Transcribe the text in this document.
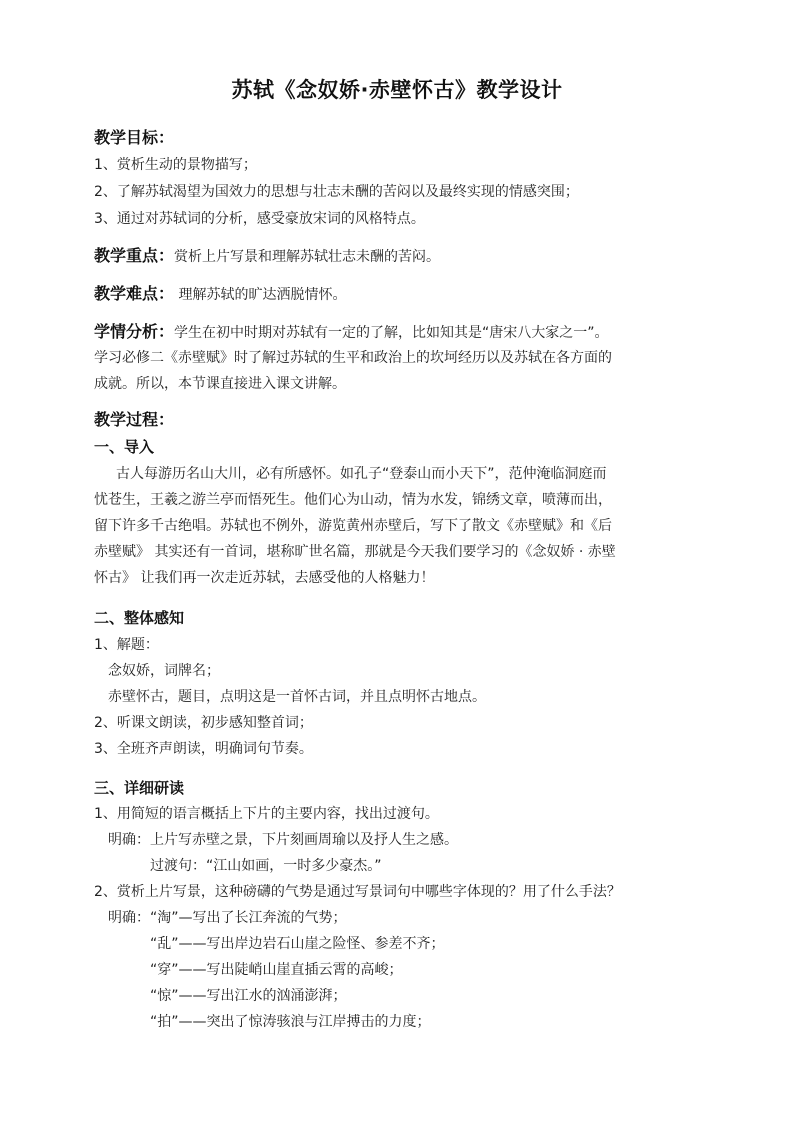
苏轼《念奴娇·赤壁怀古》教学设计
教学目标：
1、赏析生动的景物描写；
2、了解苏轼渴望为国效力的思想与壮志未酬的苦闷以及最终实现的情感突围；
3、通过对苏轼词的分析，感受豪放宋词的风格特点。
教学重点：赏析上片写景和理解苏轼壮志未酬的苦闷。
教学难点： 理解苏轼的旷达洒脱情怀。
学情分析：学生在初中时期对苏轼有一定的了解，比如知其是“唐宋八大家之一”。
学习必修二《赤壁赋》时了解过苏轼的生平和政治上的坎坷经历以及苏轼在各方面的
成就。所以，本节课直接进入课文讲解。
教学过程：
一、导入
古人每游历名山大川，必有所感怀。如孔子“登泰山而小天下”，范仲淹临洞庭而
忧苍生，王羲之游兰亭而悟死生。他们心为山动，情为水发，锦绣文章，喷薄而出，
留下许多千古绝唱。苏轼也不例外，游览黄州赤壁后，写下了散文《赤壁赋》和《后
赤壁赋》 其实还有一首词，堪称旷世名篇，那就是今天我们要学习的《念奴娇 · 赤壁
怀古》 让我们再一次走近苏轼，去感受他的人格魅力！
二、整体感知
1、解题：
念奴娇，词牌名；
赤壁怀古，题目，点明这是一首怀古词，并且点明怀古地点。
2、听课文朗读，初步感知整首词；
3、全班齐声朗读，明确词句节奏。
三、详细研读
1、用简短的语言概括上下片的主要内容，找出过渡句。
明确：上片写赤壁之景，下片刻画周瑜以及抒人生之感。
过渡句：“江山如画，一时多少豪杰。”
2、赏析上片写景，这种磅礴的气势是通过写景词句中哪些字体现的？用了什么手法？
明确：“淘”—写出了长江奔流的气势；
“乱”——写出岸边岩石山崖之险怪、参差不齐；
“穿”——写出陡峭山崖直插云霄的高峻；
“惊”——写出江水的汹涌澎湃；
“拍”——突出了惊涛骇浪与江岸搏击的力度；
